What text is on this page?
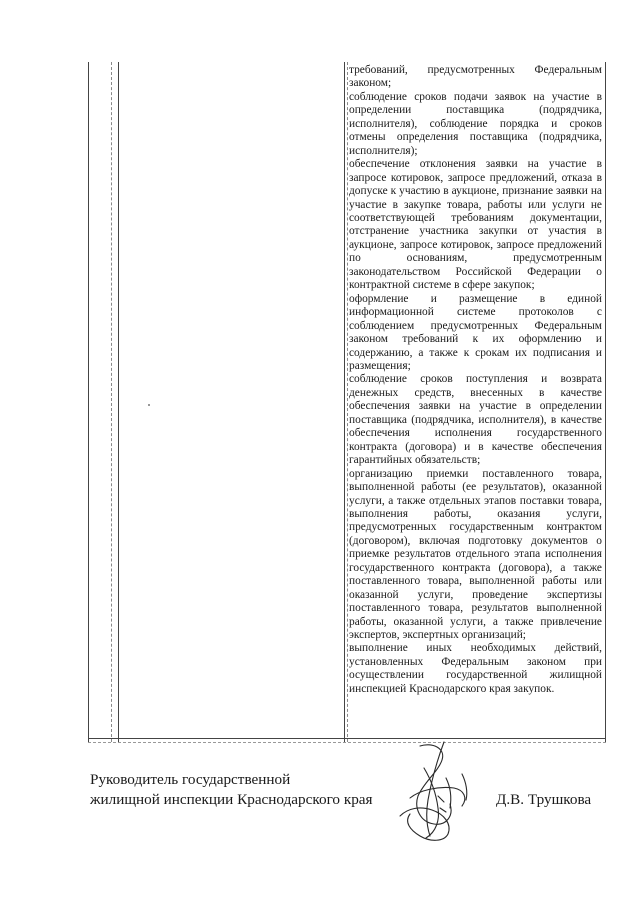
требований, предусмотренных Федеральным законом;

соблюдение сроков подачи заявок на участие в определении поставщика (подрядчика, исполнителя), соблюдение порядка и сроков отмены определения поставщика (подрядчика, исполнителя);

обеспечение отклонения заявки на участие в запросе котировок, запросе предложений, отказа в допуске к участию в аукционе, признание заявки на участие в закупке товара, работы или услуги не соответствующей требованиям документации, отстранение участника закупки от участия в аукционе, запросе котировок, запросе предложений по основаниям, предусмотренным законодательством Российской Федерации о контрактной системе в сфере закупок;

оформление и размещение в единой информационной системе протоколов с соблюдением предусмотренных Федеральным законом требований к их оформлению и содержанию, а также к срокам их подписания и размещения;

соблюдение сроков поступления и возврата денежных средств, внесенных в качестве обеспечения заявки на участие в определении поставщика (подрядчика, исполнителя), в качестве обеспечения исполнения государственного контракта (договора) и в качестве обеспечения гарантийных обязательств;

организацию приемки поставленного товара, выполненной работы (ее результатов), оказанной услуги, а также отдельных этапов поставки товара, выполнения работы, оказания услуги, предусмотренных государственным контрактом (договором), включая подготовку документов о приемке результатов отдельного этапа исполнения государственного контракта (договора), а также поставленного товара, выполненной работы или оказанной услуги, проведение экспертизы поставленного товара, результатов выполненной работы, оказанной услуги, а также привлечение экспертов, экспертных организаций;

выполнение иных необходимых действий, установленных Федеральным законом при осуществлении государственной жилищной инспекцией Краснодарского края закупок.

Руководитель государственной
жилищной инспекции Краснодарского края	Д.В. Трушкова
